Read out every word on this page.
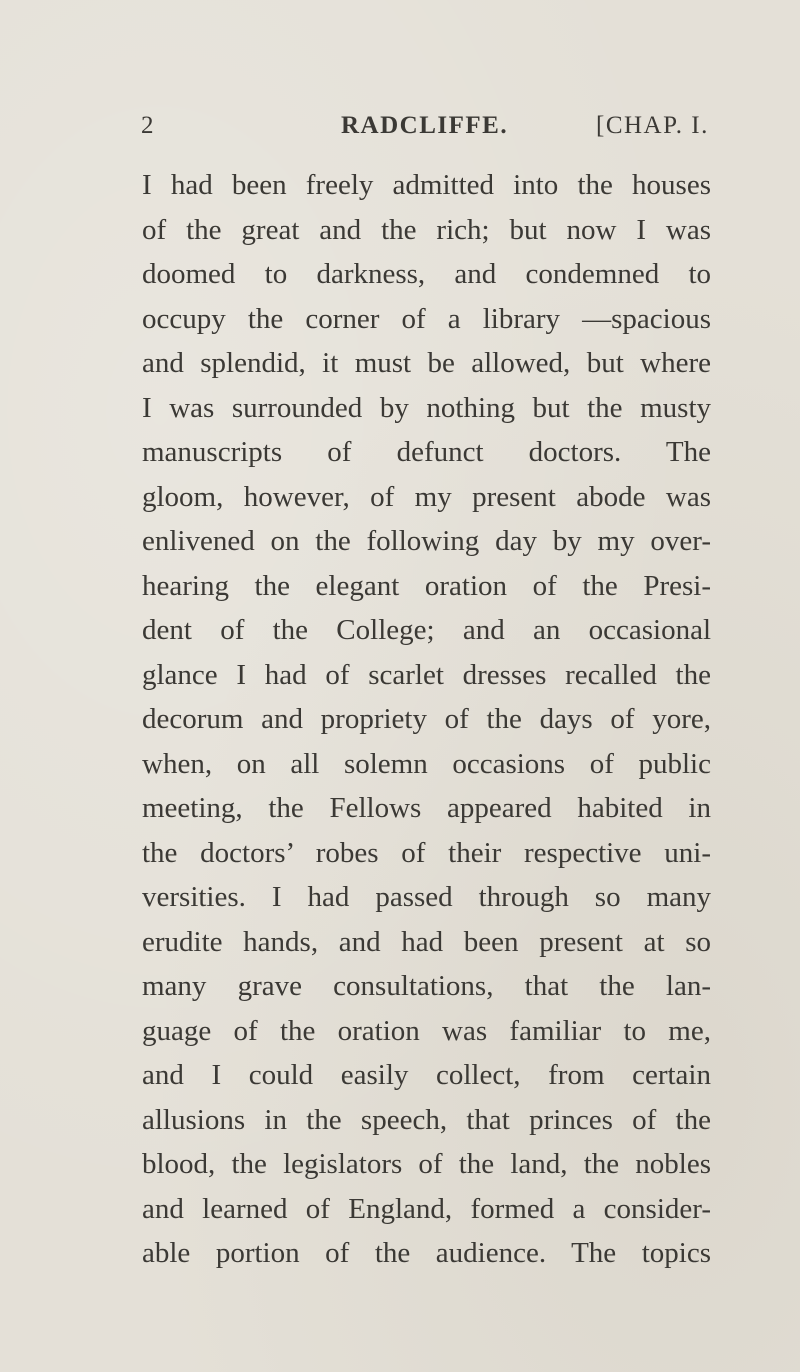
2	RADCLIFFE.	[CHAP. I.
I had been freely admitted into the houses
of the great and the rich; but now I was
doomed to darkness, and condemned to
occupy the corner of a library —spacious
and splendid, it must be allowed, but where
I was surrounded by nothing but the musty
manuscripts of defunct doctors. The
gloom, however, of my present abode was
enlivened on the following day by my over-
hearing the elegant oration of the Presi-
dent of the College; and an occasional
glance I had of scarlet dresses recalled the
decorum and propriety of the days of yore,
when, on all solemn occasions of public
meeting, the Fellows appeared habited in
the doctors’ robes of their respective uni-
versities. I had passed through so many
erudite hands, and had been present at so
many grave consultations, that the lan-
guage of the oration was familiar to me,
and I could easily collect, from certain
allusions in the speech, that princes of the
blood, the legislators of the land, the nobles
and learned of England, formed a consider-
able portion of the audience. The topics
